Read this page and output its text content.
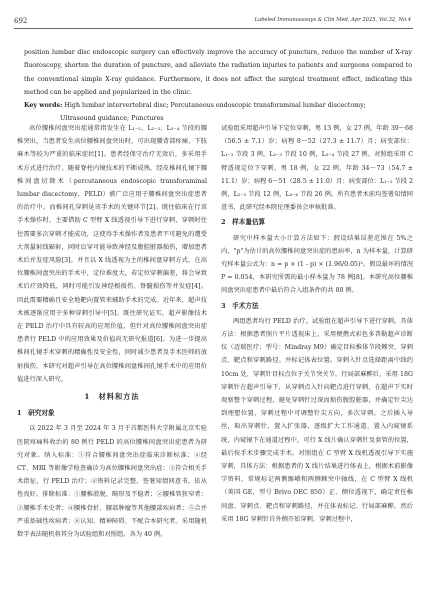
692	Labeled Immunoassays & Clin Med, Apr 2025, Vol.32, No.4

position lumbar disc endoscopic surgery can effectively improve the accuracy of puncture, reduce the number of X-ray fluoroscopy, shorten the duration of puncture, and alleviate the radiation injuries to patients and surgeons compared to the conventional simple X-ray guidance. Furthermore, it does not affect the surgical treatment effect, indicating this method can be applied and popularized in the clinic.

Key words: High lumbar intervertebral disc; Percutaneous endoscopic transforaminal lumbar discectomy;

Ultrasound guidance; Punctures

高位腰椎间盘突出症通常指发生在 L₁₋₂、L₂₋₃、L₃₋₄ 节段的腰椎突出，当患者发生高位腰椎间盘突出时，可出现腰背部疼痛、下肢麻木等较为严重的临床症状[1]。患者经保守治疗无效后，多采用手术方式进行治疗。随着脊柱内镜技术的不断成熟，经皮椎间孔镜下腰椎间盘切除术（percutaneous endoscopic transforaminal lumbar discectomy，PELD）被广泛应用于腰椎间盘突出症患者的治疗中，而椎间孔穿刺是该手术的关键环节[2]。既往临床在行该手术操作时，主要借助 C 型臂 X 线透视引导下进行穿刺，穿刺时往往需要多次穿刺才能成功，这使得手术操作者及患者不可避免的遭受大剂量射线辐射，同时盲穿可能导致神经及腹腔脏器损伤，增加患者术后并发症风险[3]。并且以 X 线透视为主的椎间盘穿刺方式，在高位腰椎间盘突出的手术中，定位难度大，若定位穿刺偏差，将会导致术后疗效降低，同时可能引发神经根损伤、脊髓损伤等并发症[4]。因此需要精确且安全地靶向置管来辅助手术的完成。近年来，超声技术被逐渐应用于多种穿刺引导中[5]。既往研究证实，超声影像技术在 PELD 治疗中具有较高的应用价值，但针对高位腰椎间盘突出症患者行 PELD 中的应用效果及价值尚无研究报道[6]。为进一步提高椎间孔镜手术穿刺的精确性及安全性，同时减少患者及手术医师的放射损伤，本研究对超声引导在高位腰椎间盘椎间孔镜手术中的应用价值进行深入研究。

1　材料和方法
1　研究对象

以 2022 年 3 月至 2024 年 3 月于首都医科大学附属北京实验医院疼痛科收治的 80 例行 PELD 的高位腰椎间盘突出症患者为研究对象。纳入标准：①符合腰椎间盘突出症临床诊断标准；②经 CT、MRI 等影像学检查确诊为高位腰椎间盘突出症；③符合相关手术指征，行 PELD 治疗；④资料记录完整，签署知情同意书，依从性良好。排除标准：①腰椎滑脱、畸形及不稳者；②腰椎管狭窄者；③腰椎手术史者；④腰椎骨折、腰部肿瘤等其他腰部疾病者；⑤合并严重基础性疾病者；⑥认知、精神障碍、不配合本研究者。采用随机数字表法随机将其分为试验组和对照组，各为 40 例。

试验组采用超声引导下定位穿刺，男 13 例，女 27 例，年龄 39～68（56.5 ± 7.1）岁；病程 8～52（27.3 ± 11.7）月；病变部位：L₁₋₂ 节段 3 例，L₂₋₃ 节段 10 例，L₃₋₄ 节段 27 例。对照组采用 C 臂透视定位下穿刺，男 18 例，女 22 例，年龄 34～73（54.7 ± 11.1）岁；病程 6～51（28.5 ± 11.0）月；病变部位：L₁₋₂ 节段 2 例，L₂₋₃ 节段 12 例，L₃₋₄ 节段 26 例。所有患者术前均签署知情同意书，此研究经本院伦理委员会审核批准。

2　样本量估算

研究中样本量大小计算方法如下：假设结果误差范围在 5%之内，"p"为估计的高位腰椎间盘突出症的患病率，n 为样本量，计算研究样本量公式为：n = p × (1 - p) × (1.96/0.05)²。假设最坏的情况 P = 0.054，本研究所需的最小样本量为 78 例[8]。本研究高位腰椎间盘突出症患者中最后符合入组条件的共 80 例。

3　手术方法

两组患者均行 PELD 治疗。试验组在超声引导下进行穿刺。具体方法：根据患者照片平片透视床上，采用便携式彩色多普勒超声诊断仪（迈瑞医疗；型号：Mindray M9）确定目标椎体节段棘突、穿刺点、靶点和穿刺路径。并标记体表位置。穿刺入针点选择距离中线约 10cm 处，穿刺针目标点位于关节突关节，行局部麻醉后，采用 18G 穿刺针在超声引导下，从穿刺点入针向靶点进行穿刺，在超声下实时观察整个穿刺过程，避免穿刺针过深而损伤腹腔脏器，并确定针尖达到理想位置，穿刺过程中可调整针尖方向，多次穿刺。之后插入导丝，取出穿刺针，置入扩张器，逐级扩大工作通道，置入内窥镜系统，内窥镜下在通道过程中，可行 X 线片确认穿刺针及套管的位置，最后按手术步骤完成手术。对照组在 C 型臂 X 线机透视引导下实施穿刺，具体方法：根据患者的 X 线片结果进行体表上，根据术前影像学资料，常规标记两侧髂嵴和两侧棘突中轴线，在 C 型臂 X 线机（美国 GE，型号 Brivo OEC 850）正、侧位透视下，确定责任椎间盘、穿刺点、靶点和穿刺路径，并在体表标记。行局部麻醉，然后采用 18G 穿刺针自外侧开始穿刺，穿刺过程中，
